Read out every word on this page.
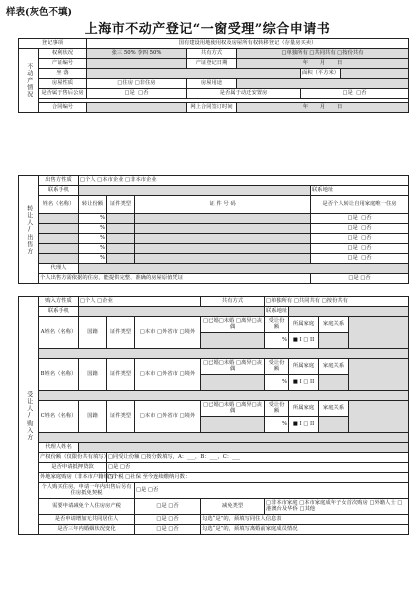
样表(灰色不填)
上海市不动产登记“一窗受理”综合申请书
登记事项		国有建设用地使用权及房屋所有权转移登记（存量房买卖）				
不动产情况	权利状况	张三 50% 李四 50%	共有方式	□单独所有 □共同共有 □按份共有		
	产证编号		产证登记日期	年 月 日		
	坐 落				面积（平方米）	
	房屋性质	□住房 □非住房	房屋用途			
	是否属于售后公房	□是 □否	是否属于动迁安置房		□是 □否	

	合同编号		网上合同签订时间	年 月 日		
转让人/出售方	出售方性质	□个人 □本市企业 □非本市企业			
	联系手机				联系地址
	姓名（名称）	转让份额	证件类型	证 件 号 码	是否个人转让自用家庭唯一住房
		%			□是 □否
		%			□是 □否
		%			□是 □否
		%			□是 □否
		%			□是 □否
	代理人				
	个人出售方需依据的住房，能提供完整、准确的房屋原值凭证				□是 □否
受让人/购入方	购入方性质	□个人 □企业			共有方式	□单独所有 □共同共有 □按份共有			
	联系手机					联系地址			
	A姓名（名称）	国籍	证件类型	□本市 □外省市 □境外	□已婚□未婚 □离异□丧偶	受让份额	所属家庭	家庭关系	
						%	■ I □ II		

	B姓名（名称）	国籍	证件类型	□本市 □外省市 □境外	□已婚□未婚 □离异□丧偶	受让份额	所属家庭	家庭关系	
						%	■ I □ II		

	C姓名（名称）	国籍	证件类型	□本市 □外省市 □境外	□已婚□未婚 □离异□丧偶	受让份额	所属家庭	家庭关系	
						%	■ I □ II		

	代理人姓名								
	产权份额（仅限份共有填写）		□同受让份额 □按分数填写，A：___，B：___，C：___						
	是否申请抵押贷款		□是 □否						
	外地家庭购房（非本市户籍填写）		□个税 □社保 至今连续缴纳月数：						
	个人购买住房，申请一年内出售后另有住房抵免契税			□是 □否					
	需要申请减免个人住房房产税			□是 □否	减免类型	□非本市家庭 □本市家庭成年子女首次购房 □外籍人士 □港澳台及华侨 □其他			
	是否申请增加无共同居住人			□是 □否	勾选“是”的，须填写同住人信息表				
	是否三年内婚姻状况变化			□是 □否	勾选“是”的，须填写离婚前家庭成员情况				
